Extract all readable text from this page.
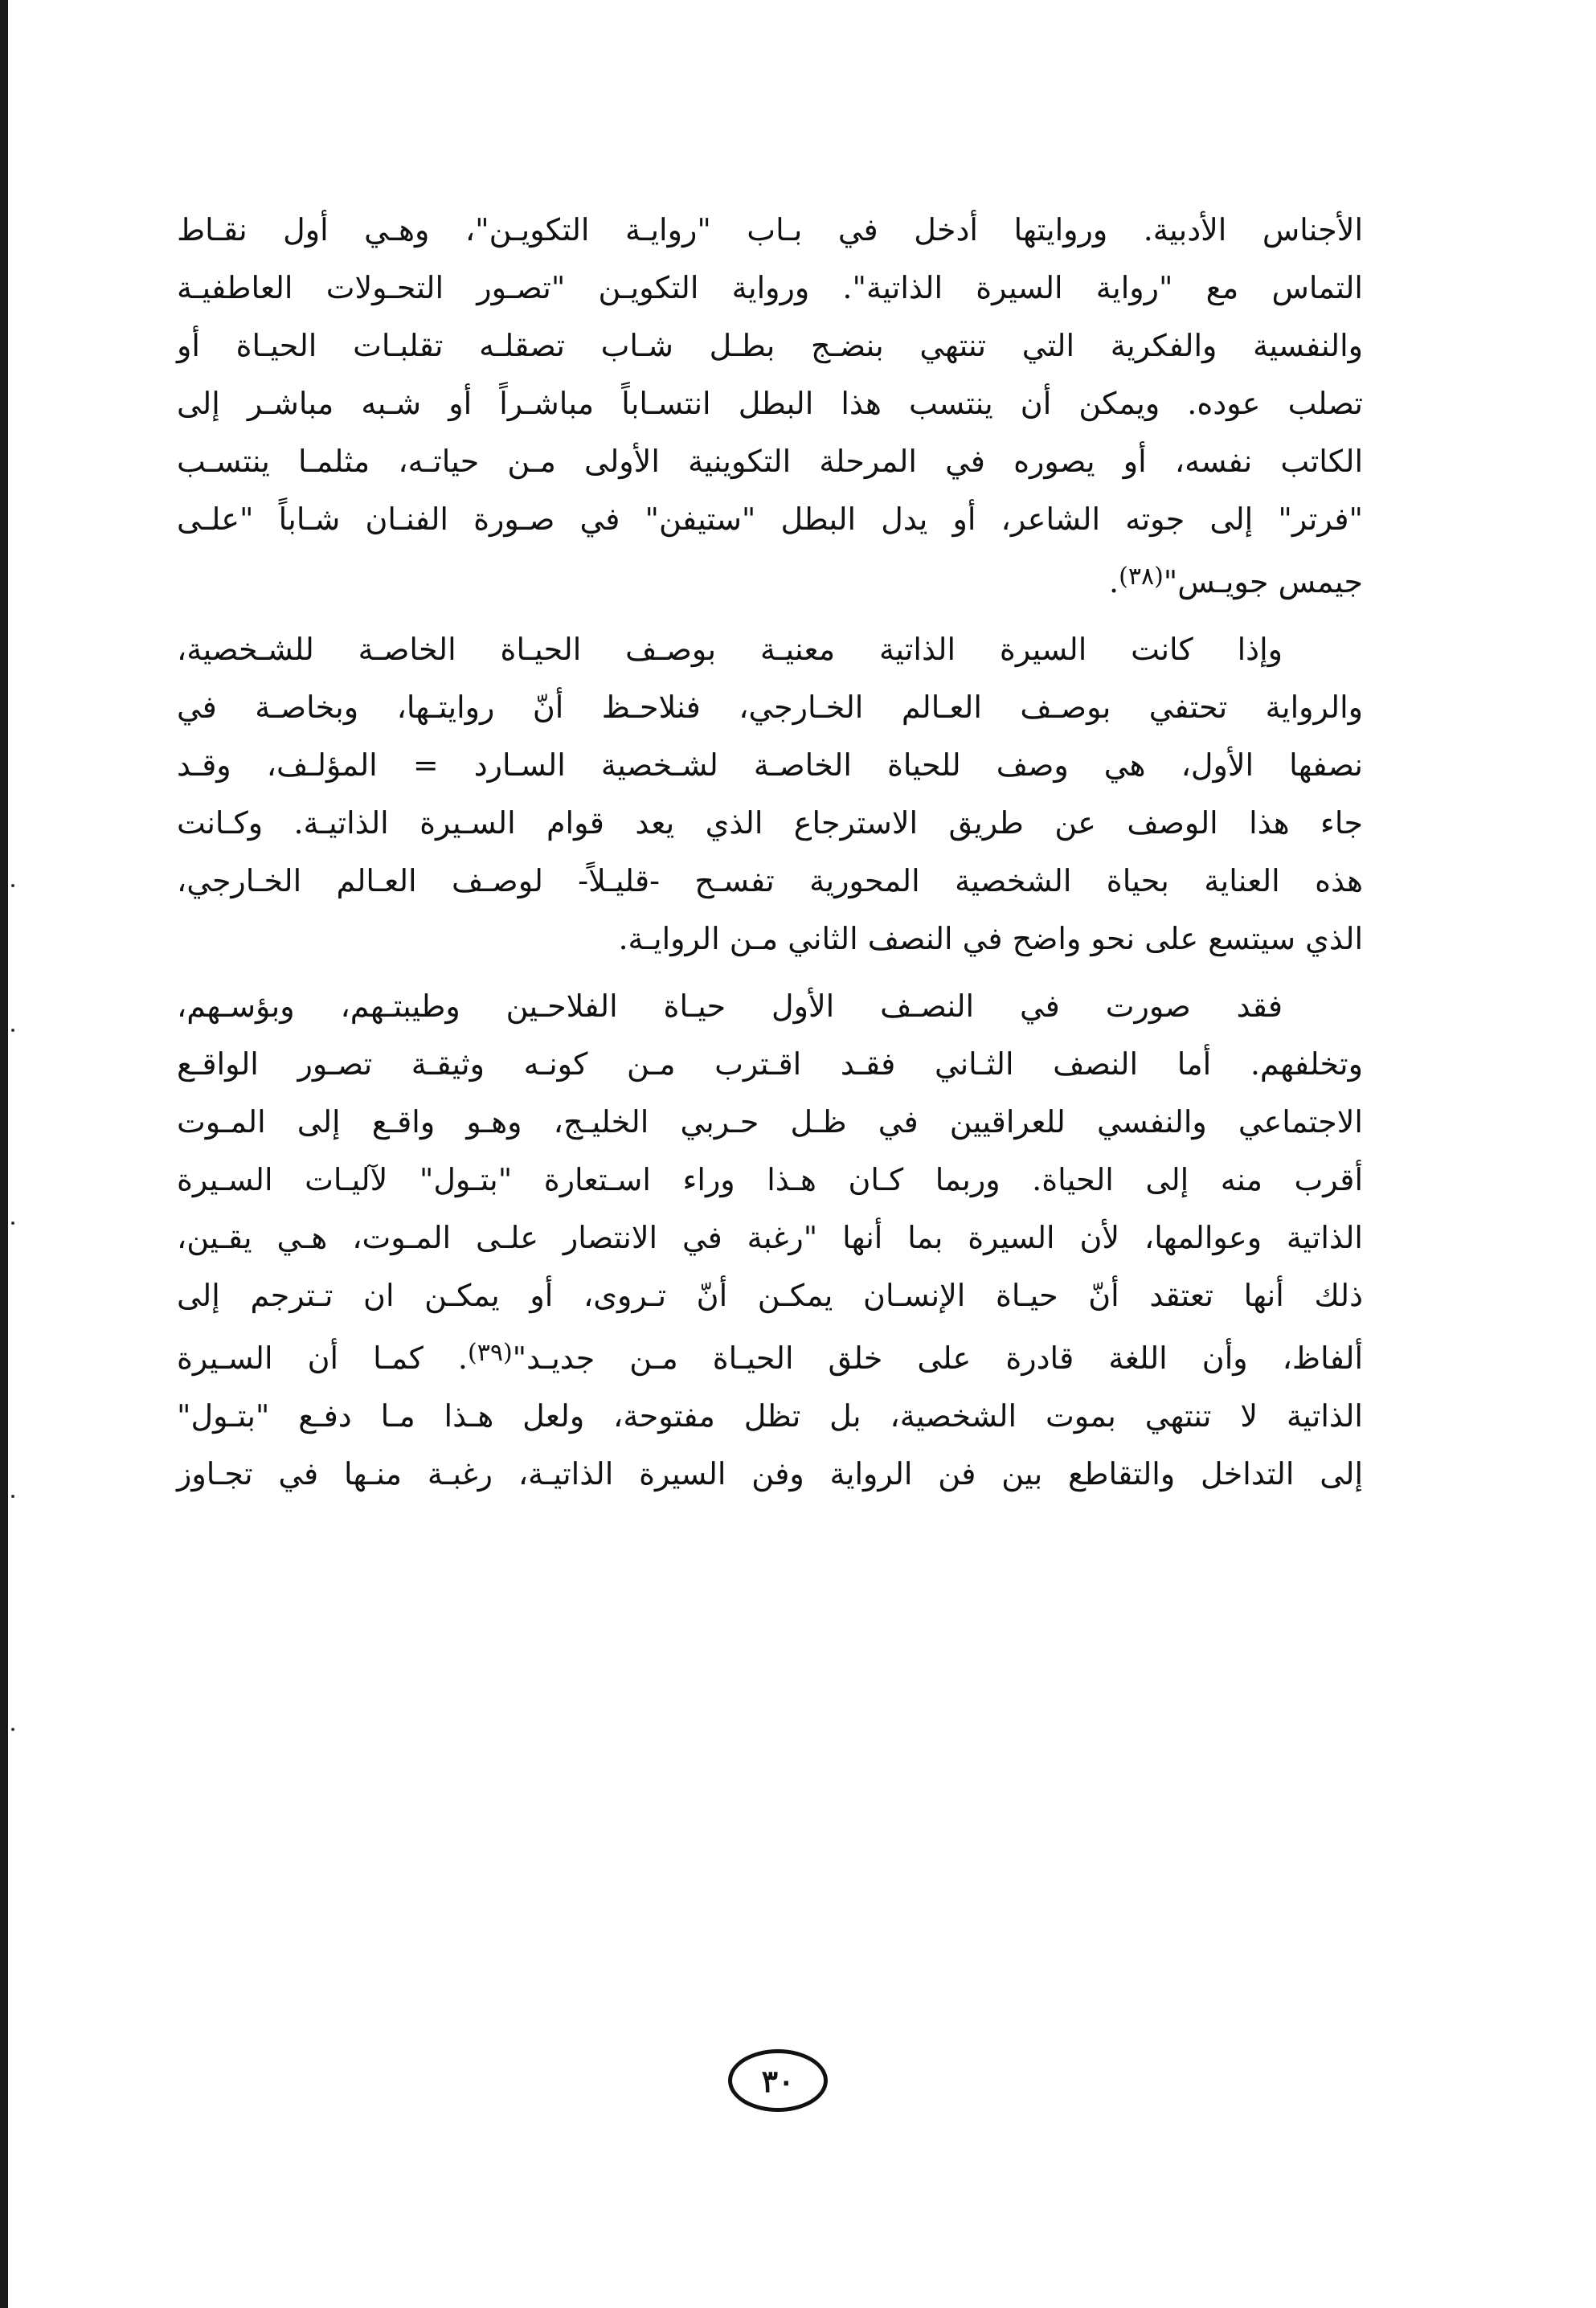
الأجناس الأدبية. وروايتها أدخل في بـاب "روايـة التكويـن"، وهـي أول نقـاط
التماس مع "رواية السيرة الذاتية". ورواية التكويـن "تصـور التحـولات العاطفيـة
والنفسية والفكرية التي تنتهي بنضـج بطـل شـاب تصقلـه تقلبـات الحيـاة أو
تصلب عوده. ويمكن أن ينتسب هذا البطل انتسـاباً مباشـراً أو شـبه مباشـر إلى
الكاتب نفسه، أو يصوره في المرحلة التكوينية الأولى مـن حياتـه، مثلمـا ينتسـب
"فرتر" إلى جوته الشاعر، أو يدل البطل "ستيفن" في صـورة الفنـان شـاباً "علـى
جيمس جويـس"$^{(٣٨)}$.

وإذا كانت السيرة الذاتية معنيـة بوصـف الحيـاة الخاصـة للشـخصية،
والرواية تحتفي بوصـف العـالم الخـارجي، فنلاحـظ أنّ روايتـها، وبخاصـة في
نصفها الأول، هي وصف للحياة الخاصـة لشـخصية السـارد = المؤلـف، وقـد
جاء هذا الوصف عن طريق الاسترجاع الذي يعد قوام السـيرة الذاتيـة. وكـانت
هذه العناية بحياة الشخصية المحورية تفسـح -قليـلاً- لوصـف العـالم الخـارجي،
الذي سيتسع على نحو واضح في النصف الثاني مـن الروايـة.

فقد صورت في النصـف الأول حيـاة الفلاحـين وطيبتـهم، وبؤسـهم،
وتخلفهم. أما النصف الثـاني فقـد اقـترب مـن كونـه وثيقـة تصـور الواقـع
الاجتماعي والنفسي للعراقيين في ظـل حـربي الخليـج، وهـو واقـع إلى المـوت
أقرب منه إلى الحياة. وربما كـان هـذا وراء اسـتعارة "بتـول" لآليـات السـيرة
الذاتية وعوالمها، لأن السيرة بما أنها "رغبة في الانتصار علـى المـوت، هـي يقـين،
ذلك أنها تعتقد أنّ حيـاة الإنسـان يمكـن أنّ تـروى، أو يمكـن ان تـترجم إلى
ألفاظ، وأن اللغة قادرة على خلق الحيـاة مـن جديـد"$^{(٣٩)}$. كمـا أن السـيرة
الذاتية لا تنتهي بموت الشخصية، بل تظل مفتوحة، ولعل هـذا مـا دفـع "بتـول"
إلى التداخل والتقاطع بين فن الرواية وفن السيرة الذاتيـة، رغبـة منـها في تجـاوز

٣٠
